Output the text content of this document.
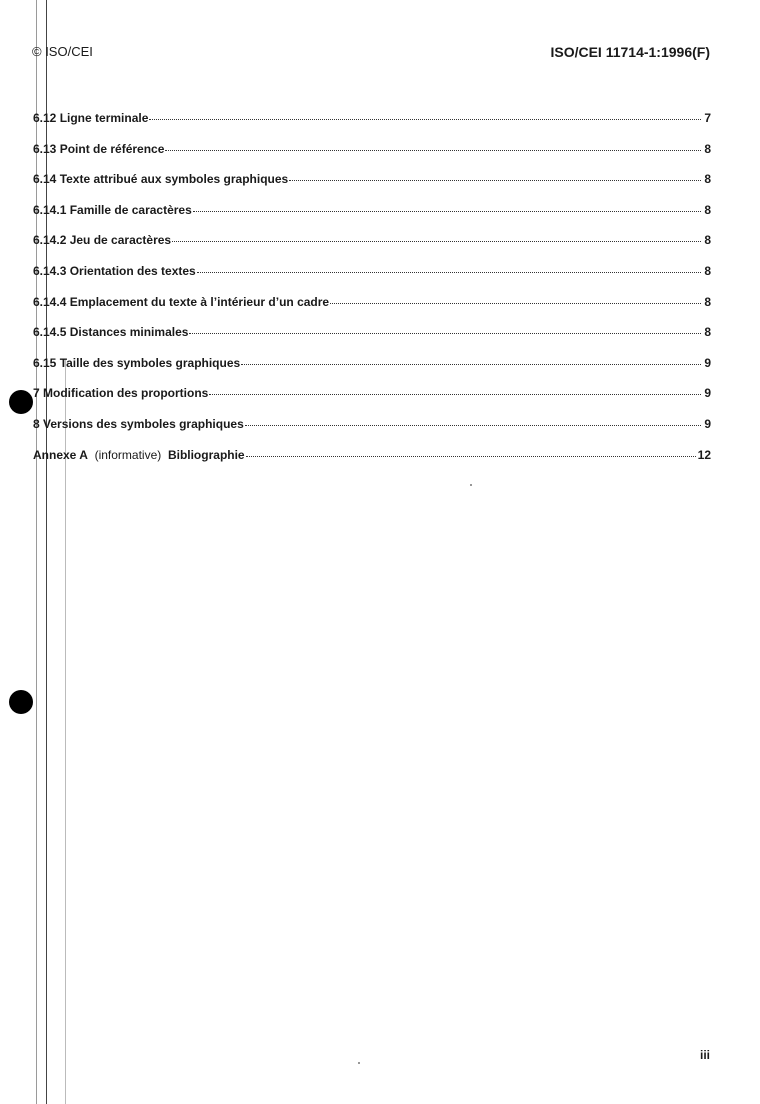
© ISO/CEI	ISO/CEI 11714-1:1996(F)
6.12 Ligne terminale	7
6.13 Point de référence	8
6.14 Texte attribué aux symboles graphiques	8
6.14.1 Famille de caractères	8
6.14.2 Jeu de caractères	8
6.14.3 Orientation des textes	8
6.14.4 Emplacement du texte à l’intérieur d’un cadre	8
6.14.5 Distances minimales	8
6.15 Taille des symboles graphiques	9
7 Modification des proportions	9
8 Versions des symboles graphiques	9
Annexe A (informative) Bibliographie	12
iii
